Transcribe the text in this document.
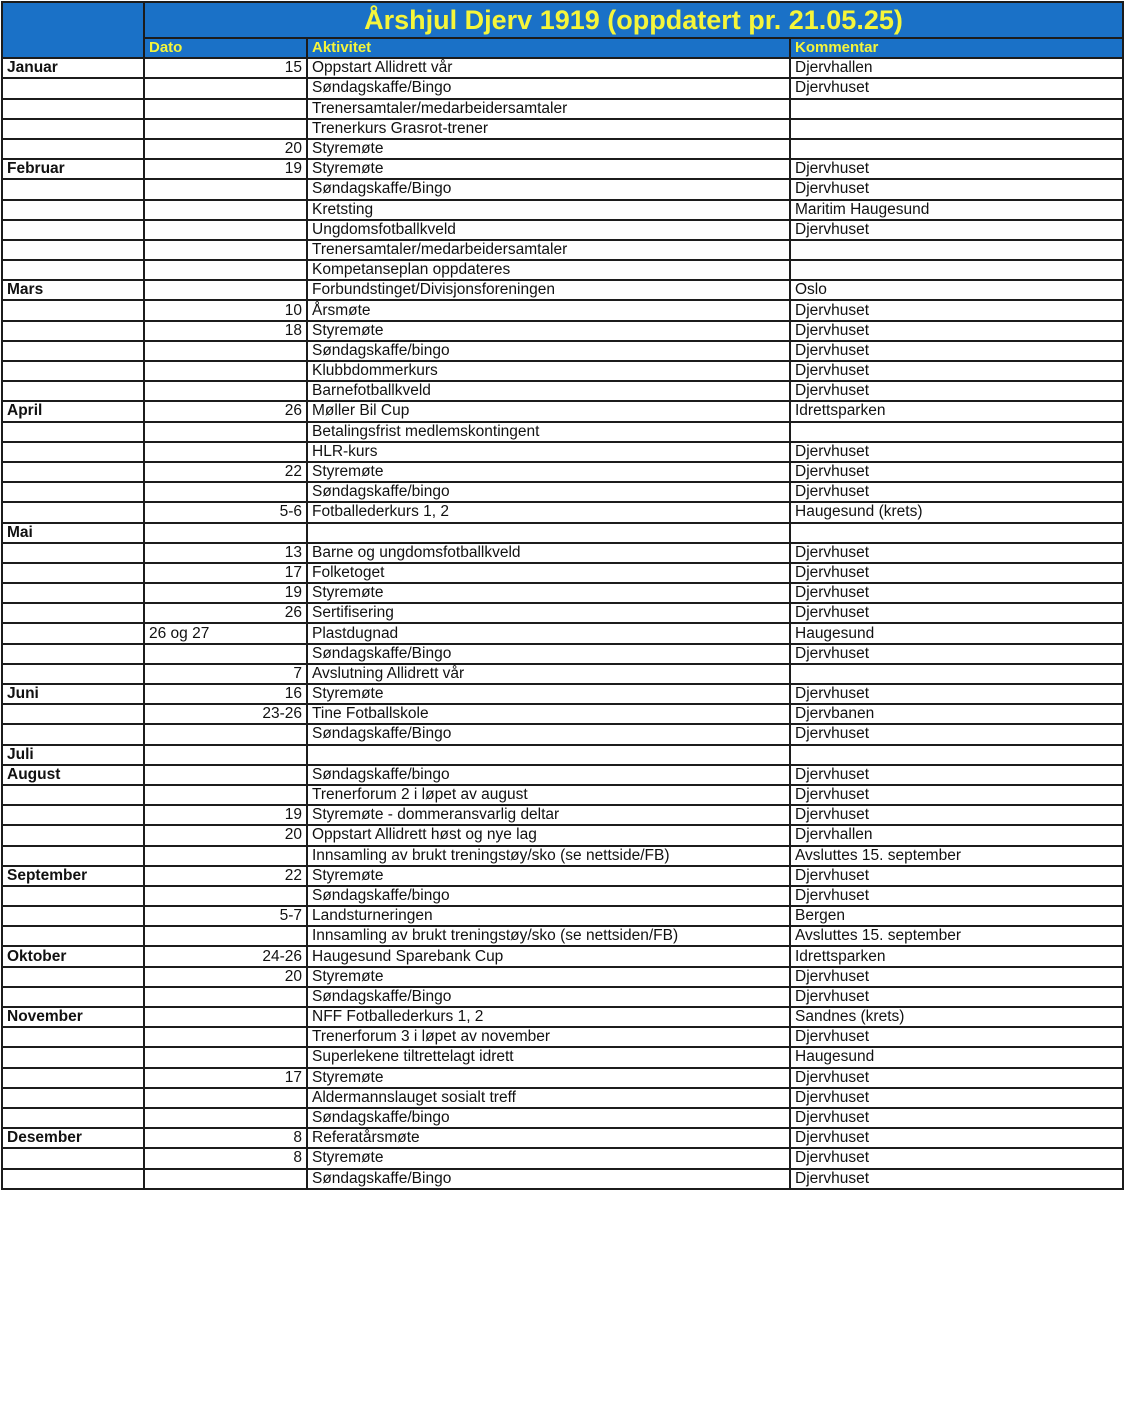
	Årshjul Djerv 1919 (oppdatert pr. 21.05.25)		
	Dato	Aktivitet	Kommentar
Januar	15	Oppstart Allidrett vår	Djervhallen
		Søndagskaffe/Bingo	Djervhuset
		Trenersamtaler/medarbeidersamtaler	
		Trenerkurs Grasrot-trener	
	20	Styremøte	
Februar	19	Styremøte	Djervhuset
		Søndagskaffe/Bingo	Djervhuset
		Kretsting	Maritim Haugesund
		Ungdomsfotballkveld	Djervhuset
		Trenersamtaler/medarbeidersamtaler	
		Kompetanseplan oppdateres	
Mars		Forbundstinget/Divisjonsforeningen	Oslo
	10	Årsmøte	Djervhuset
	18	Styremøte	Djervhuset
		Søndagskaffe/bingo	Djervhuset
		Klubbdommerkurs	Djervhuset
		Barnefotballkveld	Djervhuset
April	26	Møller Bil Cup	Idrettsparken
		Betalingsfrist medlemskontingent	
		HLR-kurs	Djervhuset
	22	Styremøte	Djervhuset
		Søndagskaffe/bingo	Djervhuset
	5-6	Fotballederkurs 1, 2	Haugesund (krets)
Mai			
	13	Barne og ungdomsfotballkveld	Djervhuset
	17	Folketoget	Djervhuset
	19	Styremøte	Djervhuset
	26	Sertifisering	Djervhuset
	26 og 27	Plastdugnad	Haugesund
		Søndagskaffe/Bingo	Djervhuset
	7	Avslutning Allidrett vår	
Juni	16	Styremøte	Djervhuset
	23-26	Tine Fotballskole	Djervbanen
		Søndagskaffe/Bingo	Djervhuset
Juli			
August		Søndagskaffe/bingo	Djervhuset
		Trenerforum 2 i løpet av august	Djervhuset
	19	Styremøte - dommeransvarlig deltar	Djervhuset
	20	Oppstart Allidrett høst og nye lag	Djervhallen
		Innsamling av brukt treningstøy/sko (se nettside/FB)	Avsluttes 15. september
September	22	Styremøte	Djervhuset
		Søndagskaffe/bingo	Djervhuset
	5-7	Landsturneringen	Bergen
		Innsamling av brukt treningstøy/sko (se nettsiden/FB)	Avsluttes 15. september
Oktober	24-26	Haugesund Sparebank Cup	Idrettsparken
	20	Styremøte	Djervhuset
		Søndagskaffe/Bingo	Djervhuset
November		NFF Fotballederkurs 1, 2	Sandnes (krets)
		Trenerforum 3 i løpet av november	Djervhuset
		Superlekene tiltrettelagt idrett	Haugesund
	17	Styremøte	Djervhuset
		Aldermannslauget sosialt treff	Djervhuset
		Søndagskaffe/bingo	Djervhuset
Desember	8	Referatårsmøte	Djervhuset
	8	Styremøte	Djervhuset
		Søndagskaffe/Bingo	Djervhuset
